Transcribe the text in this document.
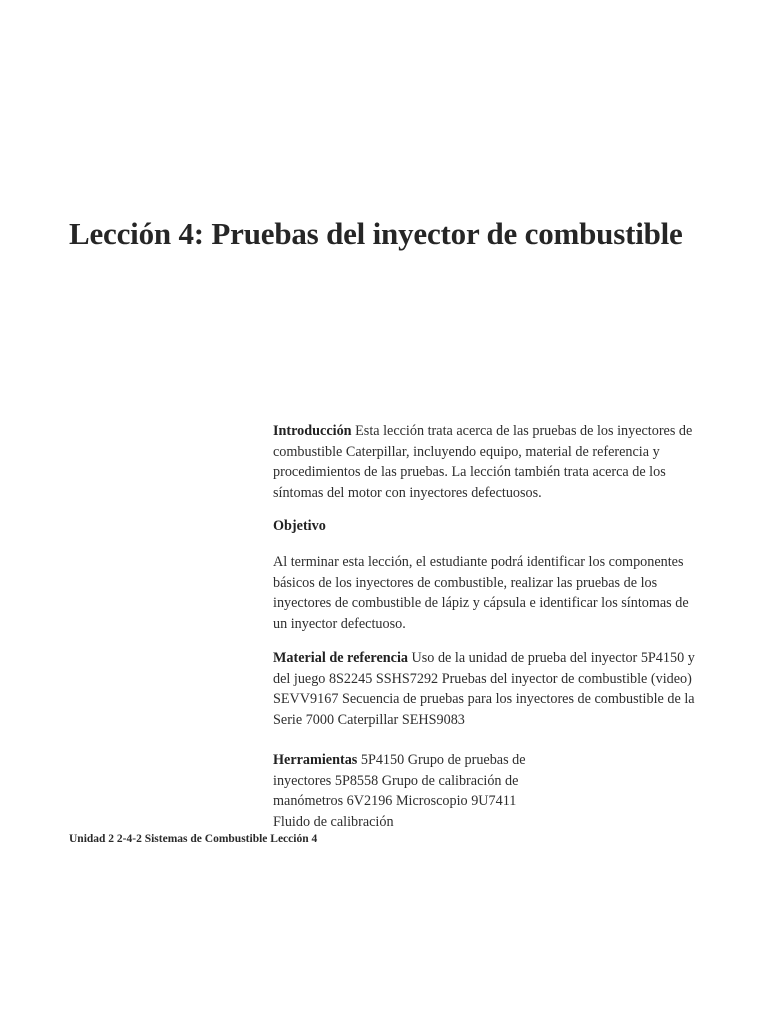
Lección 4: Pruebas del inyector de combustible

Introducción Esta lección trata acerca de las pruebas de los inyectores de combustible Caterpillar, incluyendo equipo, material de referencia y procedimientos de las pruebas. La lección también trata acerca de los síntomas del motor con inyectores defectuosos.

Objetivo

Al terminar esta lección, el estudiante podrá identificar los componentes básicos de los inyectores de combustible, realizar las pruebas de los inyectores de combustible de lápiz y cápsula e identificar los síntomas de un inyector defectuoso.

Material de referencia Uso de la unidad de prueba del inyector 5P4150 y del juego 8S2245 SSHS7292 Pruebas del inyector de combustible (video) SEVV9167 Secuencia de pruebas para los inyectores de combustible de la Serie 7000 Caterpillar SEHS9083

Herramientas 5P4150 Grupo de pruebas de inyectores 5P8558 Grupo de calibración de manómetros 6V2196 Microscopio 9U7411 Fluido de calibración

Unidad 2 2-4-2 Sistemas de Combustible Lección 4
